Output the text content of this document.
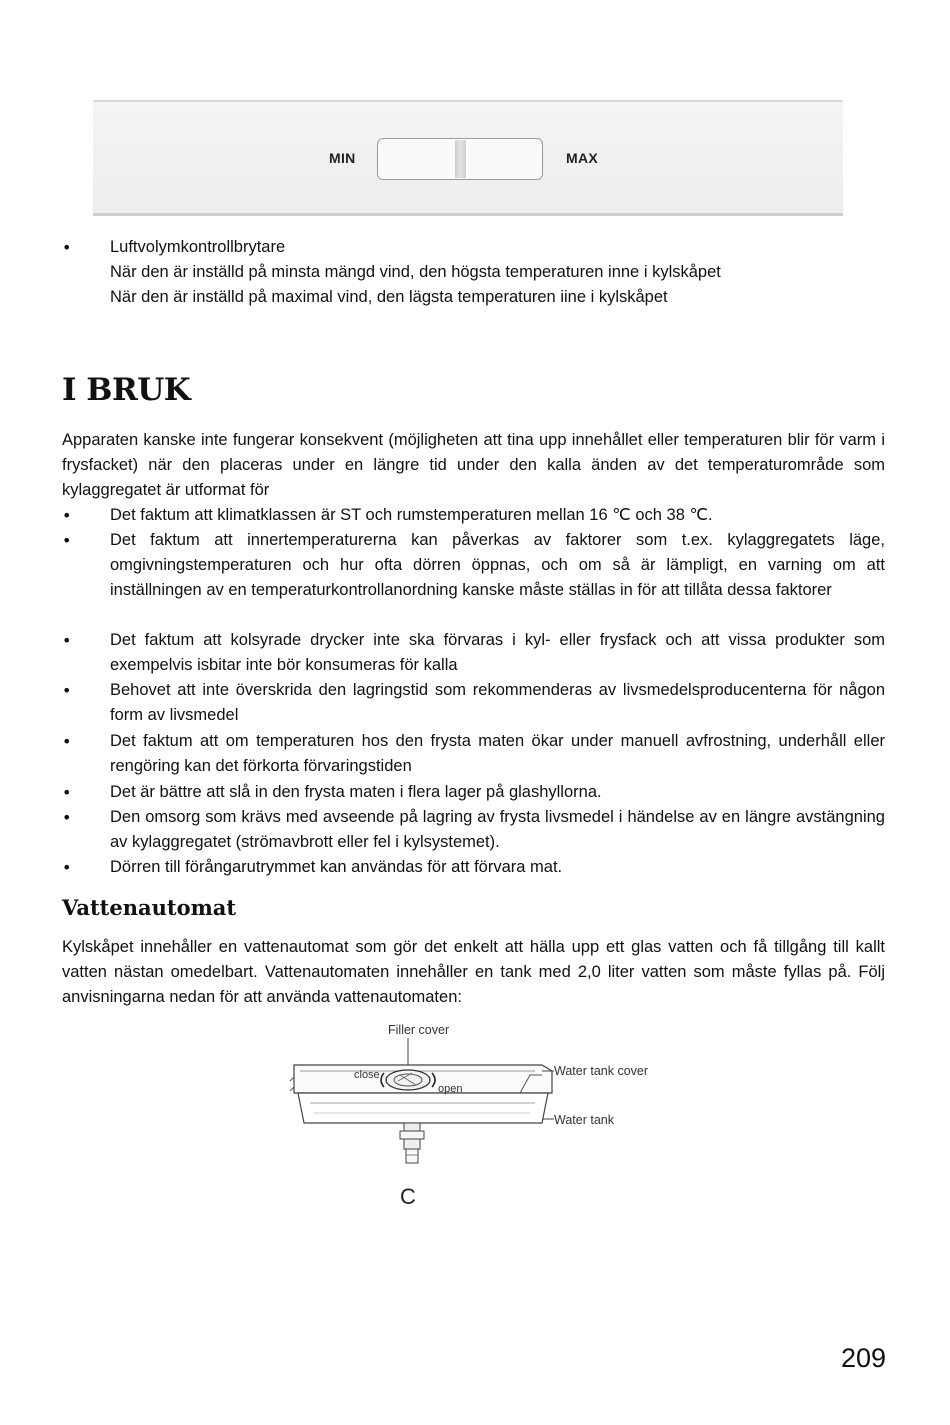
MIN	MAX
• Luftvolymkontrollbrytare
När den är inställd på minsta mängd vind, den högsta temperaturen inne i kylskåpet
När den är inställd på maximal vind, den lägsta temperaturen iine i kylskåpet
I BRUK
Apparaten kanske inte fungerar konsekvent (möjligheten att tina upp innehållet eller temperaturen blir för varm i frysfacket) när den placeras under en längre tid under den kalla änden av det temperaturområde som kylaggregatet är utformat för
• Det faktum att klimatklassen är ST och rumstemperaturen mellan 16 ℃ och 38 ℃.
• Det faktum att innertemperaturerna kan påverkas av faktorer som t.ex. kylaggregatets läge, omgivningstemperaturen och hur ofta dörren öppnas, och om så är lämpligt, en varning om att inställningen av en temperaturkontrollanordning kanske måste ställas in för att tillåta dessa faktorer
• Det faktum att kolsyrade drycker inte ska förvaras i kyl- eller frysfack och att vissa produkter som exempelvis isbitar inte bör konsumeras för kalla
• Behovet att inte överskrida den lagringstid som rekommenderas av livsmedelsproducenterna för någon form av livsmedel
• Det faktum att om temperaturen hos den frysta maten ökar under manuell avfrostning, underhåll eller rengöring kan det förkorta förvaringstiden
• Det är bättre att slå in den frysta maten i flera lager på glashyllorna.
• Den omsorg som krävs med avseende på lagring av frysta livsmedel i händelse av en längre avstängning av kylaggregatet (strömavbrott eller fel i kylsystemet).
• Dörren till förångarutrymmet kan användas för att förvara mat.
Vattenautomat
Kylskåpet innehåller en vattenautomat som gör det enkelt att hälla upp ett glas vatten och få tillgång till kallt vatten nästan omedelbart. Vattenautomaten innehåller en tank med 2,0 liter vatten som måste fyllas på. Följ anvisningarna nedan för att använda vattenautomaten:
Filler cover
close
open
Water tank cover
Water tank
C
209
